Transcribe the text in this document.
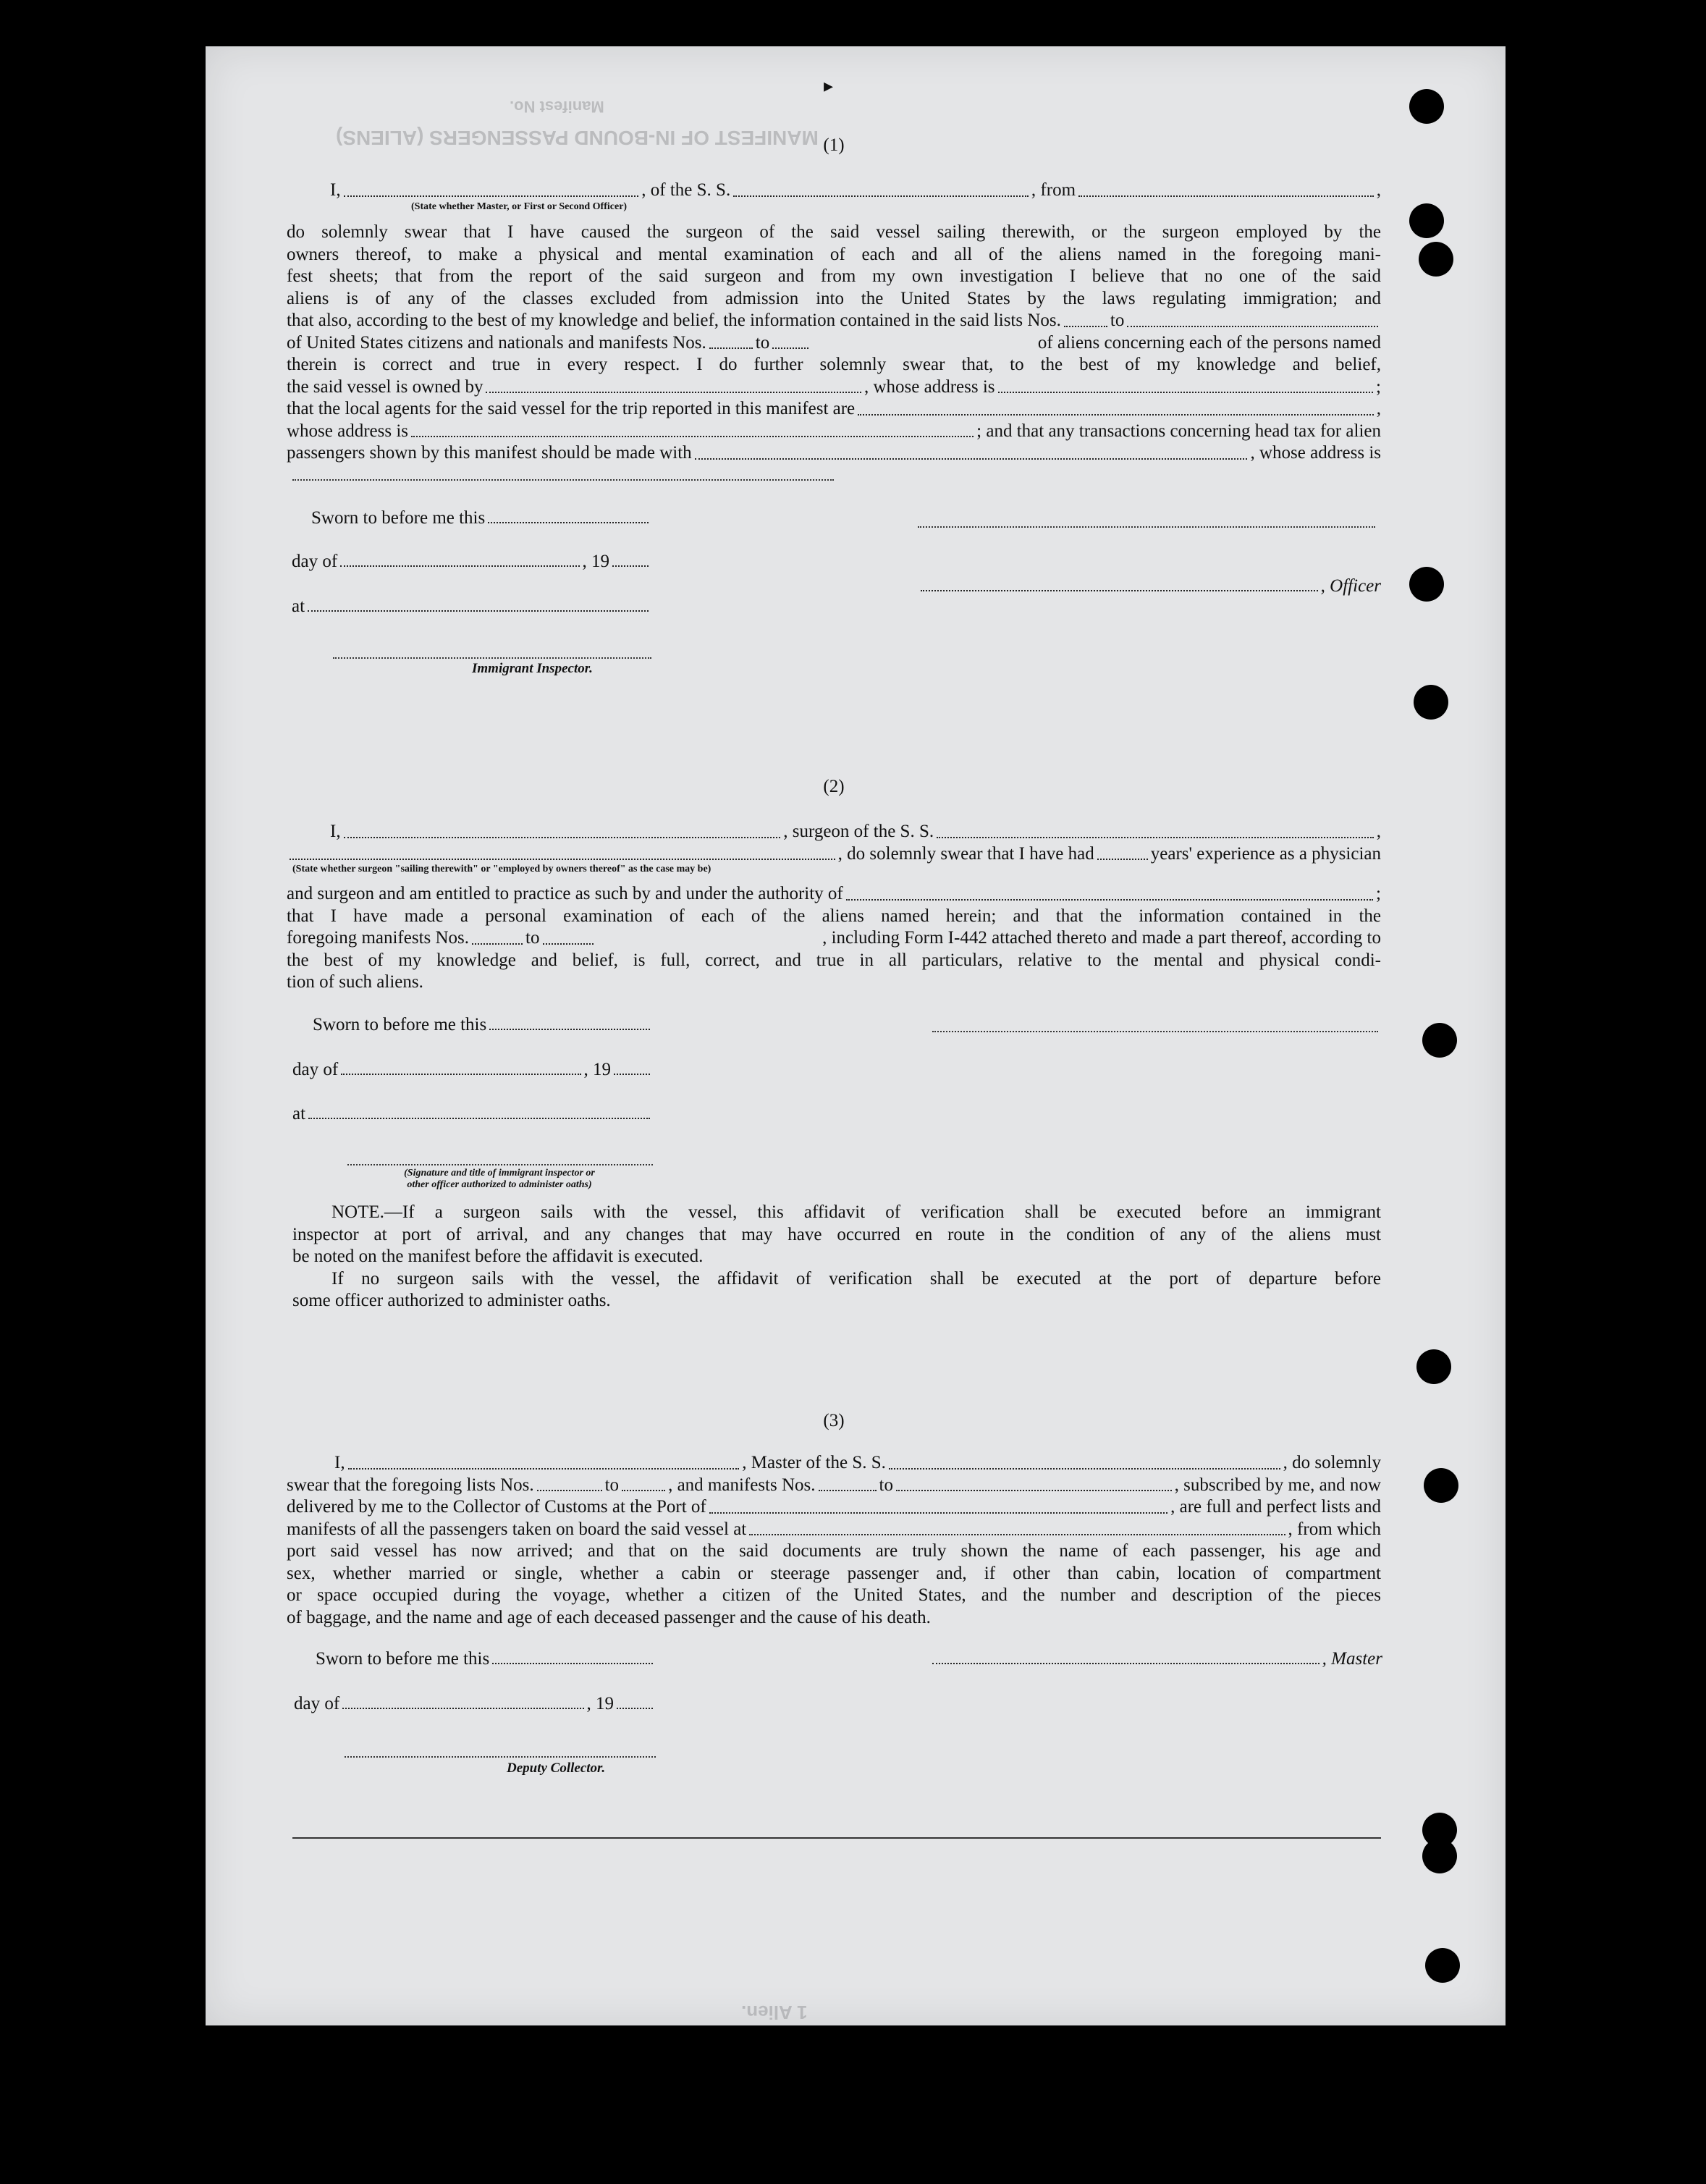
MANIFEST OF IN-BOUND PASSENGERS (ALIENS)
Manifest No.
1 Alien.
▸
(1)
I,	, of the S. S.	, from	,
(State whether Master, or First or Second Officer)
do solemnly swear that I have caused the surgeon of the said vessel sailing therewith, or the surgeon employed by the
owners thereof, to make a physical and mental examination of each and all of the aliens named in the foregoing mani-
fest sheets; that from the report of the said surgeon and from my own investigation I believe that no one of the said
aliens is of any of the classes excluded from admission into the United States by the laws regulating immigration; and
that also, according to the best of my knowledge and belief, the information contained in the said lists Nos.	to
of United States citizens and nationals and manifests Nos.	to	of aliens concerning each of the persons named
therein is correct and true in every respect. I do further solemnly swear that, to the best of my knowledge and belief,
the said vessel is owned by	, whose address is	;
that the local agents for the said vessel for the trip reported in this manifest are	,
whose address is	; and that any transactions concerning head tax for alien
passengers shown by this manifest should be made with	, whose address is
Sworn to before me this
day of	, 19
at
Immigrant Inspector.
, Officer
(2)
I,	, surgeon of the S. S.	,
, do solemnly swear that I have had	years' experience as a physician
(State whether surgeon "sailing therewith" or "employed by owners thereof" as the case may be)
and surgeon and am entitled to practice as such by and under the authority of	;
that I have made a personal examination of each of the aliens named herein; and that the information contained in the
foregoing manifests Nos.	to	, including Form I-442 attached thereto and made a part thereof, according to
the best of my knowledge and belief, is full, correct, and true in all particulars, relative to the mental and physical condi-
tion of such aliens.
Sworn to before me this
day of	, 19
at
(Signature and title of immigrant inspector or
other officer authorized to administer oaths)
NOTE.—If a surgeon sails with the vessel, this affidavit of verification shall be executed before an immigrant
inspector at port of arrival, and any changes that may have occurred en route in the condition of any of the aliens must
be noted on the manifest before the affidavit is executed.
If no surgeon sails with the vessel, the affidavit of verification shall be executed at the port of departure before
some officer authorized to administer oaths.
(3)
I,	, Master of the S. S.	, do solemnly
swear that the foregoing lists Nos.	to	, and manifests Nos.	to	, subscribed by me, and now
delivered by me to the Collector of Customs at the Port of	, are full and perfect lists and
manifests of all the passengers taken on board the said vessel at	, from which
port said vessel has now arrived; and that on the said documents are truly shown the name of each passenger, his age and
sex, whether married or single, whether a cabin or steerage passenger and, if other than cabin, location of compartment
or space occupied during the voyage, whether a citizen of the United States, and the number and description of the pieces
of baggage, and the name and age of each deceased passenger and the cause of his death.
Sworn to before me this	, Master
day of	, 19
Deputy Collector.
